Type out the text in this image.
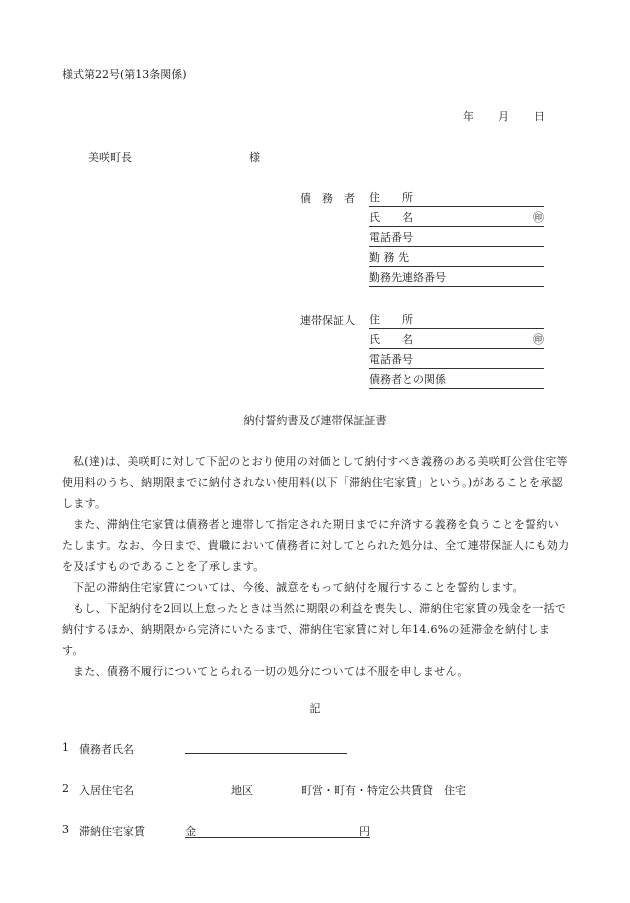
様式第22号(第13条関係)
年 月 日
美咲町長	様
債　務　者 住　　所
氏　　名	㊞
電話番号
勤 務 先
勤務先連絡番号
連帯保証人 住　　所
氏　　名	㊞
電話番号
債務者との関係
納付誓約書及び連帯保証証書
私(達)は、美咲町に対して下記のとおり使用の対価として納付すべき義務のある美咲町公営住宅等使用料のうち、納期限までに納付されない使用料(以下「滞納住宅家賃」という。)があることを承認します。
また、滞納住宅家賃は債務者と連帯して指定された期日までに弁済する義務を負うことを誓約いたします。なお、今日まで、貴職において債務者に対してとられた処分は、全て連帯保証人にも効力を及ぼすものであることを了承します。
下記の滞納住宅家賃については、今後、誠意をもって納付を履行することを誓約します。
もし、下記納付を2回以上怠ったときは当然に期限の利益を喪失し、滞納住宅家賃の残金を一括で納付するほか、納期限から完済にいたるまで、滞納住宅家賃に対し年14.6%の延滞金を納付します。
また、債務不履行についてとられる一切の処分については不服を申しません。
記
1 債務者氏名
2 入居住宅名	地区	町営・町有・特定公共賃貸　住宅
3 滞納住宅家賃	金	円
